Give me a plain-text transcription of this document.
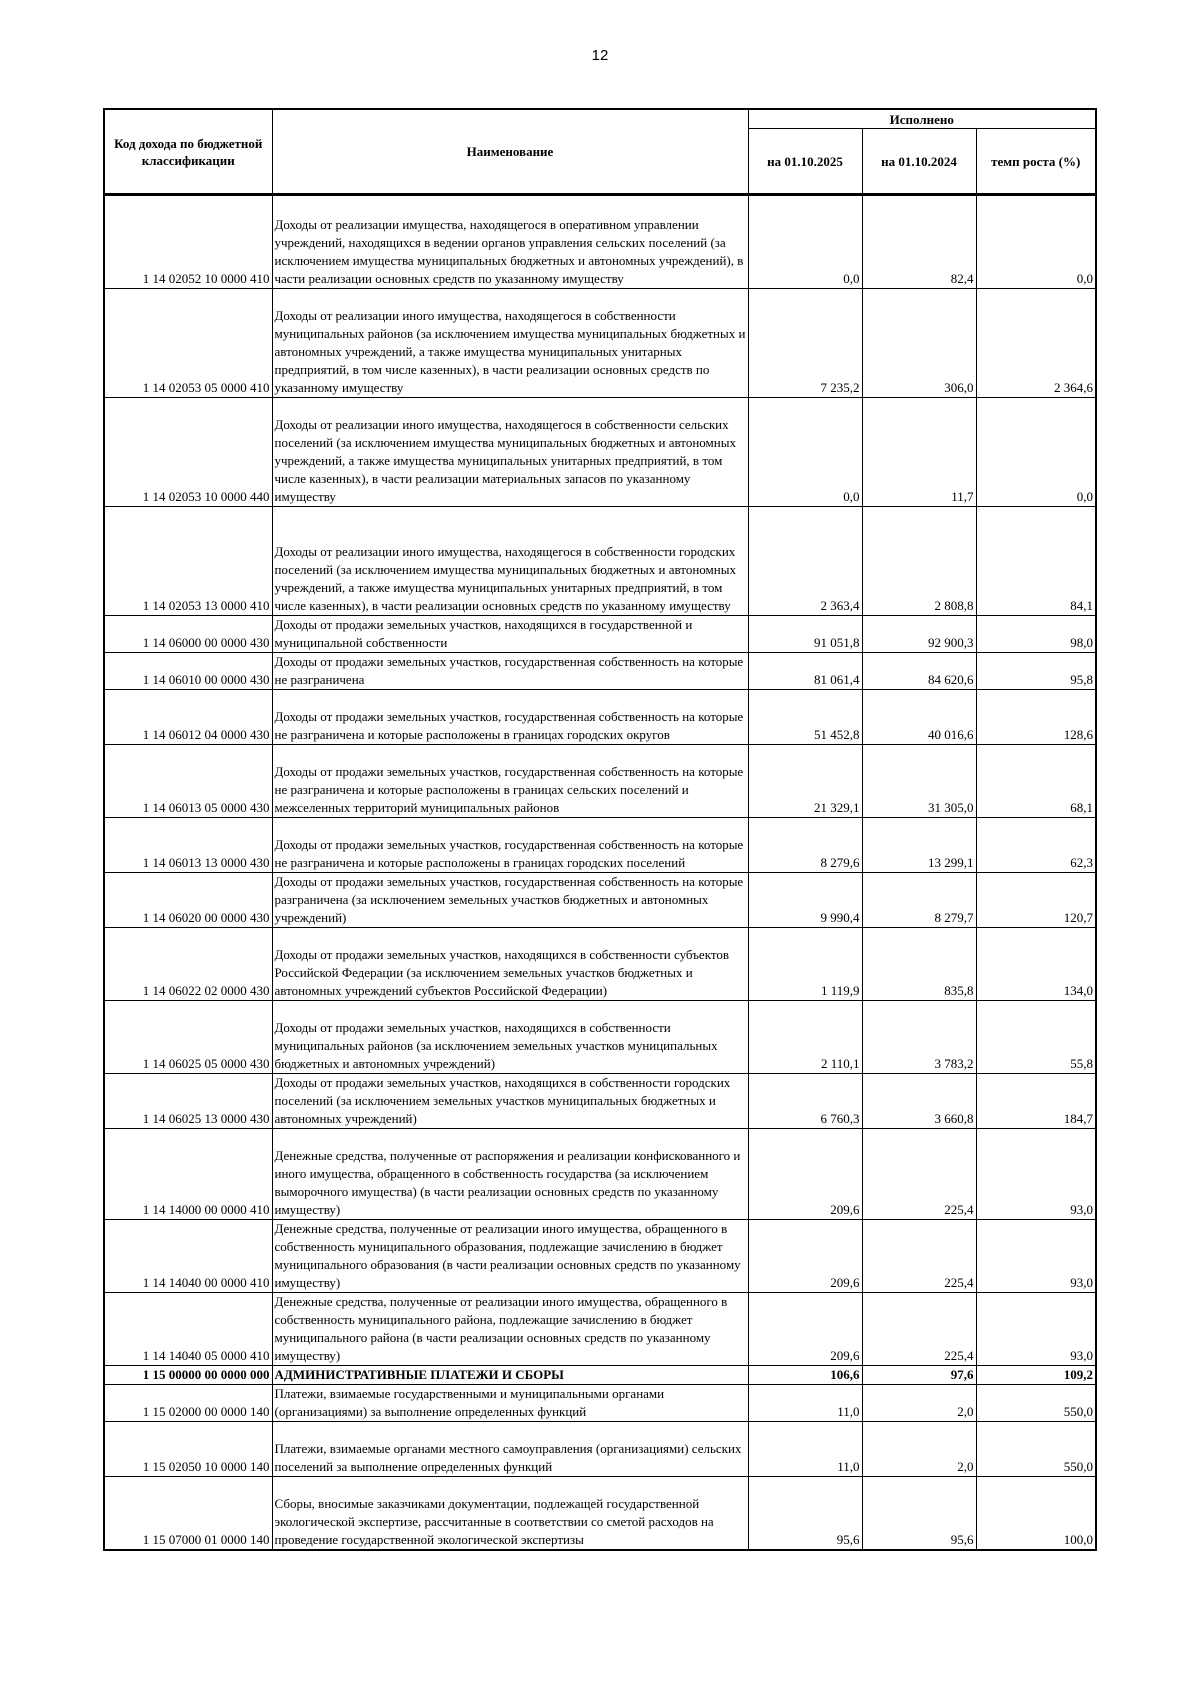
12
Код дохода по бюджетной классификации	Наименование	Исполнено		
		на 01.10.2025	на 01.10.2024	темп роста (%)
1 14 02052 10 0000 410	Доходы от реализации имущества, находящегося в оперативном управлении учреждений, находящихся в ведении органов управления сельских поселений (за исключением имущества муниципальных бюджетных и автономных учреждений), в части реализации основных средств по указанному имуществу	0,0	82,4	0,0
1 14 02053 05 0000 410	Доходы от реализации иного имущества, находящегося в собственности муниципальных районов (за исключением имущества муниципальных бюджетных и автономных учреждений, а также имущества муниципальных унитарных предприятий, в том числе казенных), в части реализации основных средств по указанному имуществу	7 235,2	306,0	2 364,6
1 14 02053 10 0000 440	Доходы от реализации иного имущества, находящегося в собственности сельских поселений (за исключением имущества муниципальных бюджетных и автономных учреждений, а также имущества муниципальных унитарных предприятий, в том числе казенных), в части реализации материальных запасов по указанному имуществу	0,0	11,7	0,0
1 14 02053 13 0000 410	Доходы от реализации иного имущества, находящегося в собственности городских поселений (за исключением имущества муниципальных бюджетных и автономных учреждений, а также имущества муниципальных унитарных предприятий, в том числе казенных), в части реализации основных средств по указанному имуществу	2 363,4	2 808,8	84,1
1 14 06000 00 0000 430	Доходы от продажи земельных участков, находящихся в государственной и муниципальной собственности	91 051,8	92 900,3	98,0
1 14 06010 00 0000 430	Доходы от продажи земельных участков, государственная собственность на которые не разграничена	81 061,4	84 620,6	95,8
1 14 06012 04 0000 430	Доходы от продажи земельных участков, государственная собственность на которые не разграничена и которые расположены в границах городских округов	51 452,8	40 016,6	128,6
1 14 06013 05 0000 430	Доходы от продажи земельных участков, государственная собственность на которые не разграничена и которые расположены в границах сельских поселений и межселенных территорий муниципальных районов	21 329,1	31 305,0	68,1
1 14 06013 13 0000 430	Доходы от продажи земельных участков, государственная собственность на которые не разграничена и которые расположены в границах городских поселений	8 279,6	13 299,1	62,3
1 14 06020 00 0000 430	Доходы от продажи земельных участков, государственная собственность на которые разграничена (за исключением земельных участков бюджетных и автономных учреждений)	9 990,4	8 279,7	120,7
1 14 06022 02 0000 430	Доходы от продажи земельных участков, находящихся в собственности субъектов Российской Федерации (за исключением земельных участков бюджетных и автономных учреждений субъектов Российской Федерации)	1 119,9	835,8	134,0
1 14 06025 05 0000 430	Доходы от продажи земельных участков, находящихся в собственности муниципальных районов (за исключением земельных участков муниципальных бюджетных и автономных учреждений)	2 110,1	3 783,2	55,8
1 14 06025 13 0000 430	Доходы от продажи земельных участков, находящихся в собственности городских поселений (за исключением земельных участков муниципальных бюджетных и автономных учреждений)	6 760,3	3 660,8	184,7
1 14 14000 00 0000 410	Денежные средства, полученные от распоряжения и реализации конфискованного и иного имущества, обращенного в собственность государства (за исключением выморочного имущества) (в части реализации основных средств по указанному имуществу)	209,6	225,4	93,0
1 14 14040 00 0000 410	Денежные средства, полученные от реализации иного имущества, обращенного в собственность муниципального образования, подлежащие зачислению в бюджет муниципального образования (в части реализации основных средств по указанному имуществу)	209,6	225,4	93,0
1 14 14040 05 0000 410	Денежные средства, полученные от реализации иного имущества, обращенного в собственность муниципального района, подлежащие зачислению в бюджет муниципального района (в части реализации основных средств по указанному имуществу)	209,6	225,4	93,0
1 15 00000 00 0000 000	АДМИНИСТРАТИВНЫЕ ПЛАТЕЖИ И СБОРЫ	106,6	97,6	109,2
1 15 02000 00 0000 140	Платежи, взимаемые государственными и муниципальными органами (организациями) за выполнение определенных функций	11,0	2,0	550,0
1 15 02050 10 0000 140	Платежи, взимаемые органами местного самоуправления (организациями) сельских поселений за выполнение определенных функций	11,0	2,0	550,0
1 15 07000 01 0000 140	Сборы, вносимые заказчиками документации, подлежащей государственной экологической экспертизе, рассчитанные в соответствии со сметой расходов на проведение государственной экологической экспертизы	95,6	95,6	100,0
